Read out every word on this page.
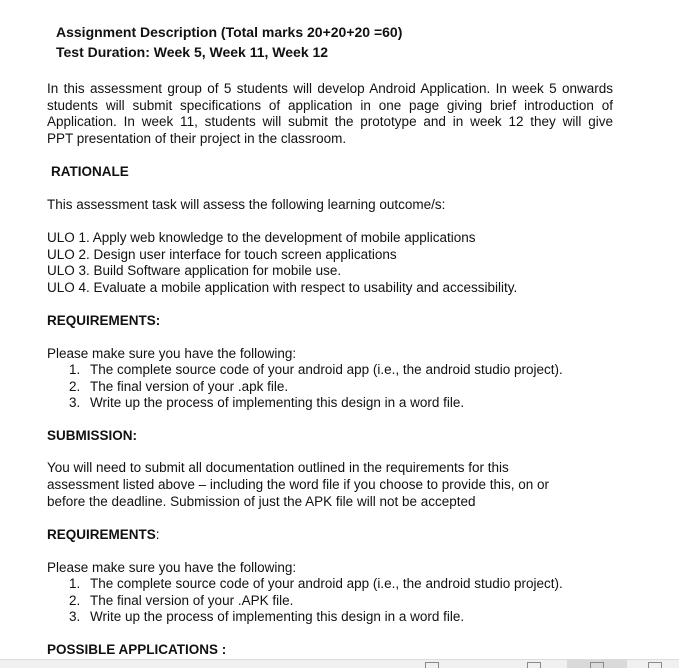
Assignment Description (Total marks 20+20+20 =60)
Test Duration: Week 5, Week 11, Week 12
In this assessment group of 5 students will develop Android Application. In week 5 onwards
students will submit specifications of application in one page giving brief introduction of
Application. In week 11, students will submit the prototype and in week 12 they will give
PPT presentation of their project in the classroom.
RATIONALE
This assessment task will assess the following learning outcome/s:
ULO 1. Apply web knowledge to the development of mobile applications
ULO 2. Design user interface for touch screen applications
ULO 3. Build Software application for mobile use.
ULO 4. Evaluate a mobile application with respect to usability and accessibility.
REQUIREMENTS:
Please make sure you have the following:
1. The complete source code of your android app (i.e., the android studio project).
2. The final version of your .apk file.
3. Write up the process of implementing this design in a word file.
SUBMISSION:
You will need to submit all documentation outlined in the requirements for this
assessment listed above – including the word file if you choose to provide this, on or
before the deadline. Submission of just the APK file will not be accepted
REQUIREMENTS:
Please make sure you have the following:
1. The complete source code of your android app (i.e., the android studio project).
2. The final version of your .APK file.
3. Write up the process of implementing this design in a word file.
POSSIBLE APPLICATIONS :
